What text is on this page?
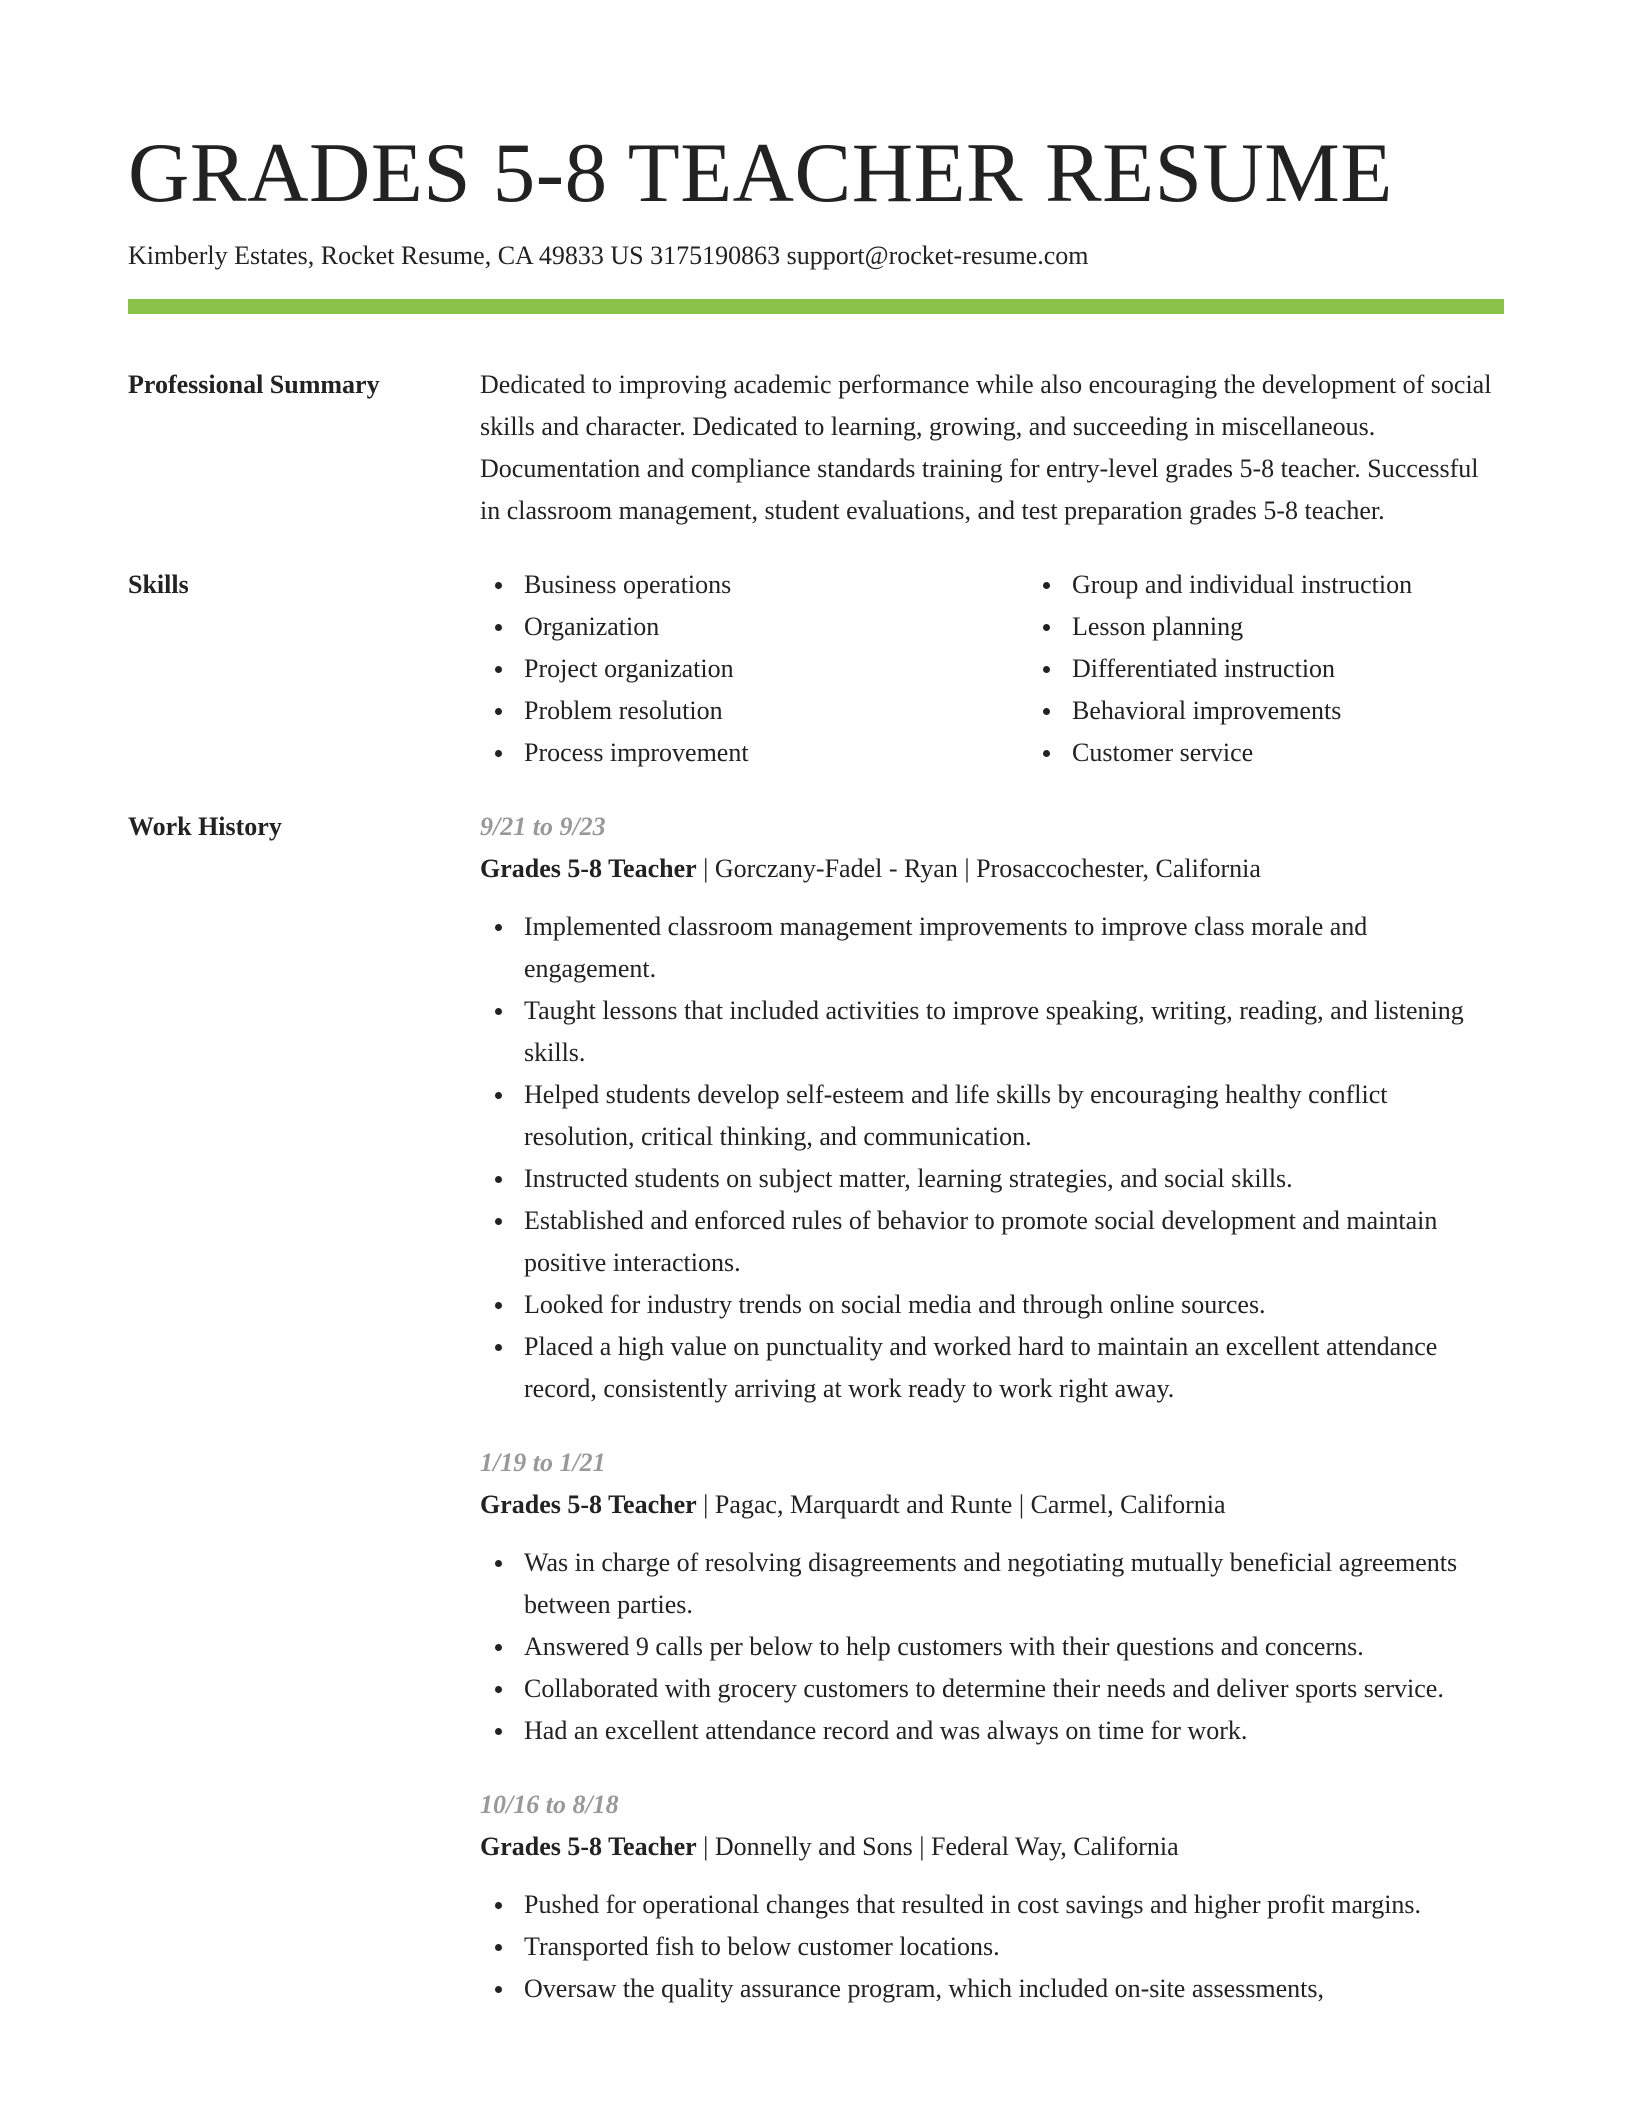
GRADES 5-8 TEACHER RESUME
Kimberly Estates, Rocket Resume, CA 49833 US 3175190863 support@rocket-resume.com
Professional Summary	Dedicated to improving academic performance while also encouraging the development of social skills and character. Dedicated to learning, growing, and succeeding in miscellaneous. Documentation and compliance standards training for entry-level grades 5-8 teacher. Successful in classroom management, student evaluations, and test preparation grades 5-8 teacher.
Skills	Business operations
Organization
Project organization
Problem resolution
Process improvement
Group and individual instruction
Lesson planning
Differentiated instruction
Behavioral improvements
Customer service
Work History	9/21 to 9/23
Grades 5-8 Teacher | Gorczany-Fadel - Ryan | Prosaccochester, California
Implemented classroom management improvements to improve class morale and engagement.
Taught lessons that included activities to improve speaking, writing, reading, and listening skills.
Helped students develop self-esteem and life skills by encouraging healthy conflict resolution, critical thinking, and communication.
Instructed students on subject matter, learning strategies, and social skills.
Established and enforced rules of behavior to promote social development and maintain positive interactions.
Looked for industry trends on social media and through online sources.
Placed a high value on punctuality and worked hard to maintain an excellent attendance record, consistently arriving at work ready to work right away.
1/19 to 1/21
Grades 5-8 Teacher | Pagac, Marquardt and Runte | Carmel, California
Was in charge of resolving disagreements and negotiating mutually beneficial agreements between parties.
Answered 9 calls per below to help customers with their questions and concerns.
Collaborated with grocery customers to determine their needs and deliver sports service.
Had an excellent attendance record and was always on time for work.
10/16 to 8/18
Grades 5-8 Teacher | Donnelly and Sons | Federal Way, California
Pushed for operational changes that resulted in cost savings and higher profit margins.
Transported fish to below customer locations.
Oversaw the quality assurance program, which included on-site assessments,
